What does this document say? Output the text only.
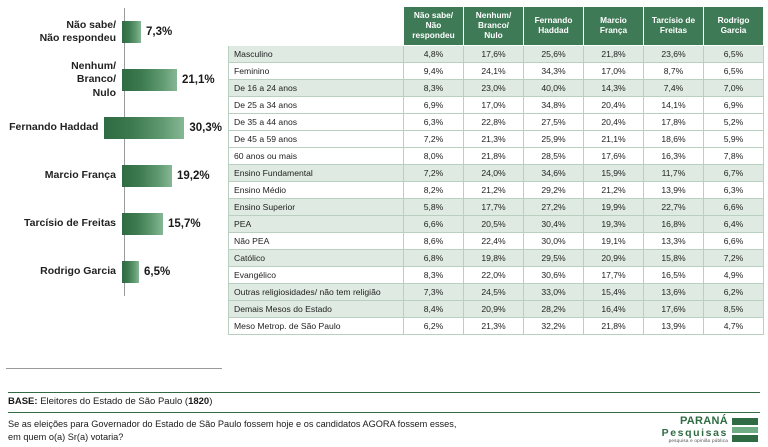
Não sabe/
Não respondeu	7,3%
Nenhum/
Branco/
Nulo
21,1%
Fernando Haddad	30,3%
Marcio França	19,2%
Tarcísio de Freitas	15,7%
Rodrigo Garcia 6,5%

Não sabe/
Não respondeu

Nenhum/
Branco/
Nulo

Fernando Haddad

Marcio França

Tarcísio de Freitas

Rodrigo Garcia

Masculino	4,8%	17,6%	25,6%	21,8%	23,6%	6,5%
Feminino	9,4%	24,1%	34,3%	17,0%	8,7%	6,5%
De 16 a 24 anos	8,3%	23,0%	40,0%	14,3%	7,4%	7,0%
De 25 a 34 anos	6,9%	17,0%	34,8%	20,4%	14,1%	6,9%
De 35 a 44 anos	6,3%	22,8%	27,5%	20,4%	17,8%	5,2%
De 45 a 59 anos	7,2%	21,3%	25,9%	21,1%	18,6%	5,9%
60 anos ou mais	8,0%	21,8%	28,5%	17,6%	16,3%	7,8%
Ensino Fundamental	7,2%	24,0%	34,6%	15,9%	11,7%	6,7%
Ensino Médio	8,2%	21,2%	29,2%	21,2%	13,9%	6,3%
Ensino Superior	5,8%	17,7%	27,2%	19,9%	22,7%	6,6%
PEA	6,6%	20,5%	30,4%	19,3%	16,8%	6,4%
Não PEA	8,6%	22,4%	30,0%	19,1%	13,3%	6,6%
Católico	6,8%	19,8%	29,5%	20,9%	15,8%	7,2%
Evangélico	8,3%	22,0%	30,6%	17,7%	16,5%	4,9%
Outras religiosidades/ não tem religião	7,3%	24,5%	33,0%	15,4%	13,6%	6,2%
Demais Mesos do Estado	8,4%	20,9%	28,2%	16,4%	17,6%	8,5%
Meso Metrop. de São Paulo	6,2%	21,3%	32,2%	21,8%	13,9%	4,7%
BASE: Eleitores do Estado de São Paulo (1820)
Se as eleições para Governador do Estado de São Paulo fossem hoje e os candidatos AGORA fossem esses,
em quem o(a) Sr(a) votaria?
PARANÁ
Pesquisas
pesquisa e opinião pública
